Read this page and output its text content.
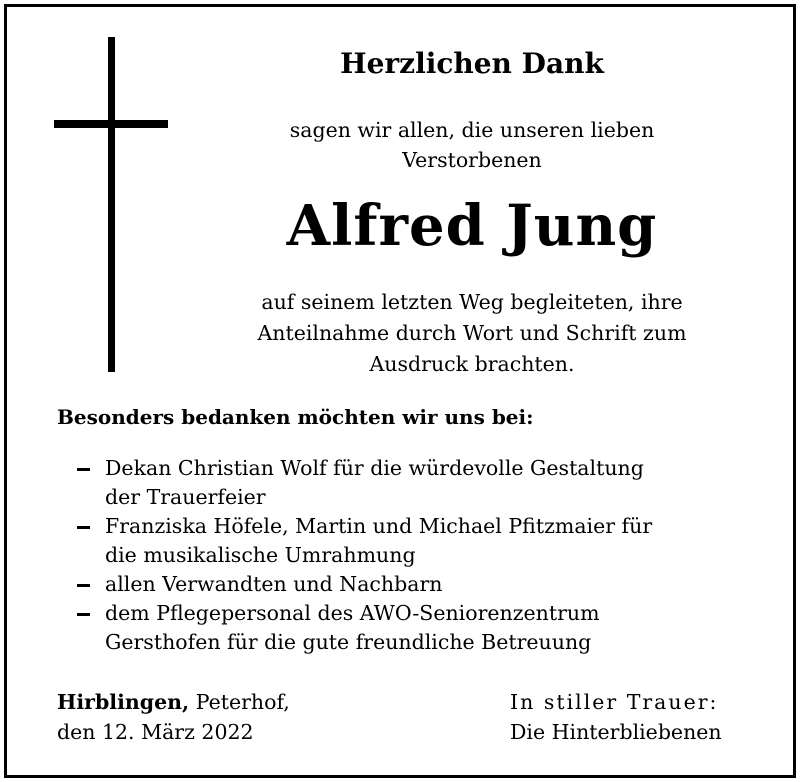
Herzlichen Dank
sagen wir allen, die unseren lieben
Verstorbenen
Alfred Jung
auf seinem letzten Weg begleiteten, ihre
Anteilnahme durch Wort und Schrift zum
Ausdruck brachten.
Besonders bedanken möchten wir uns bei:
Dekan Christian Wolf für die würdevolle Gestaltung
der Trauerfeier
Franziska Höfele, Martin und Michael Pfitzmaier für
die musikalische Umrahmung
allen Verwandten und Nachbarn
dem Pflegepersonal des AWO-Seniorenzentrum
Gersthofen für die gute freundliche Betreuung
Hirblingen, Peterhof,
den 12. März 2022
In stiller Trauer:
Die Hinterbliebenen
